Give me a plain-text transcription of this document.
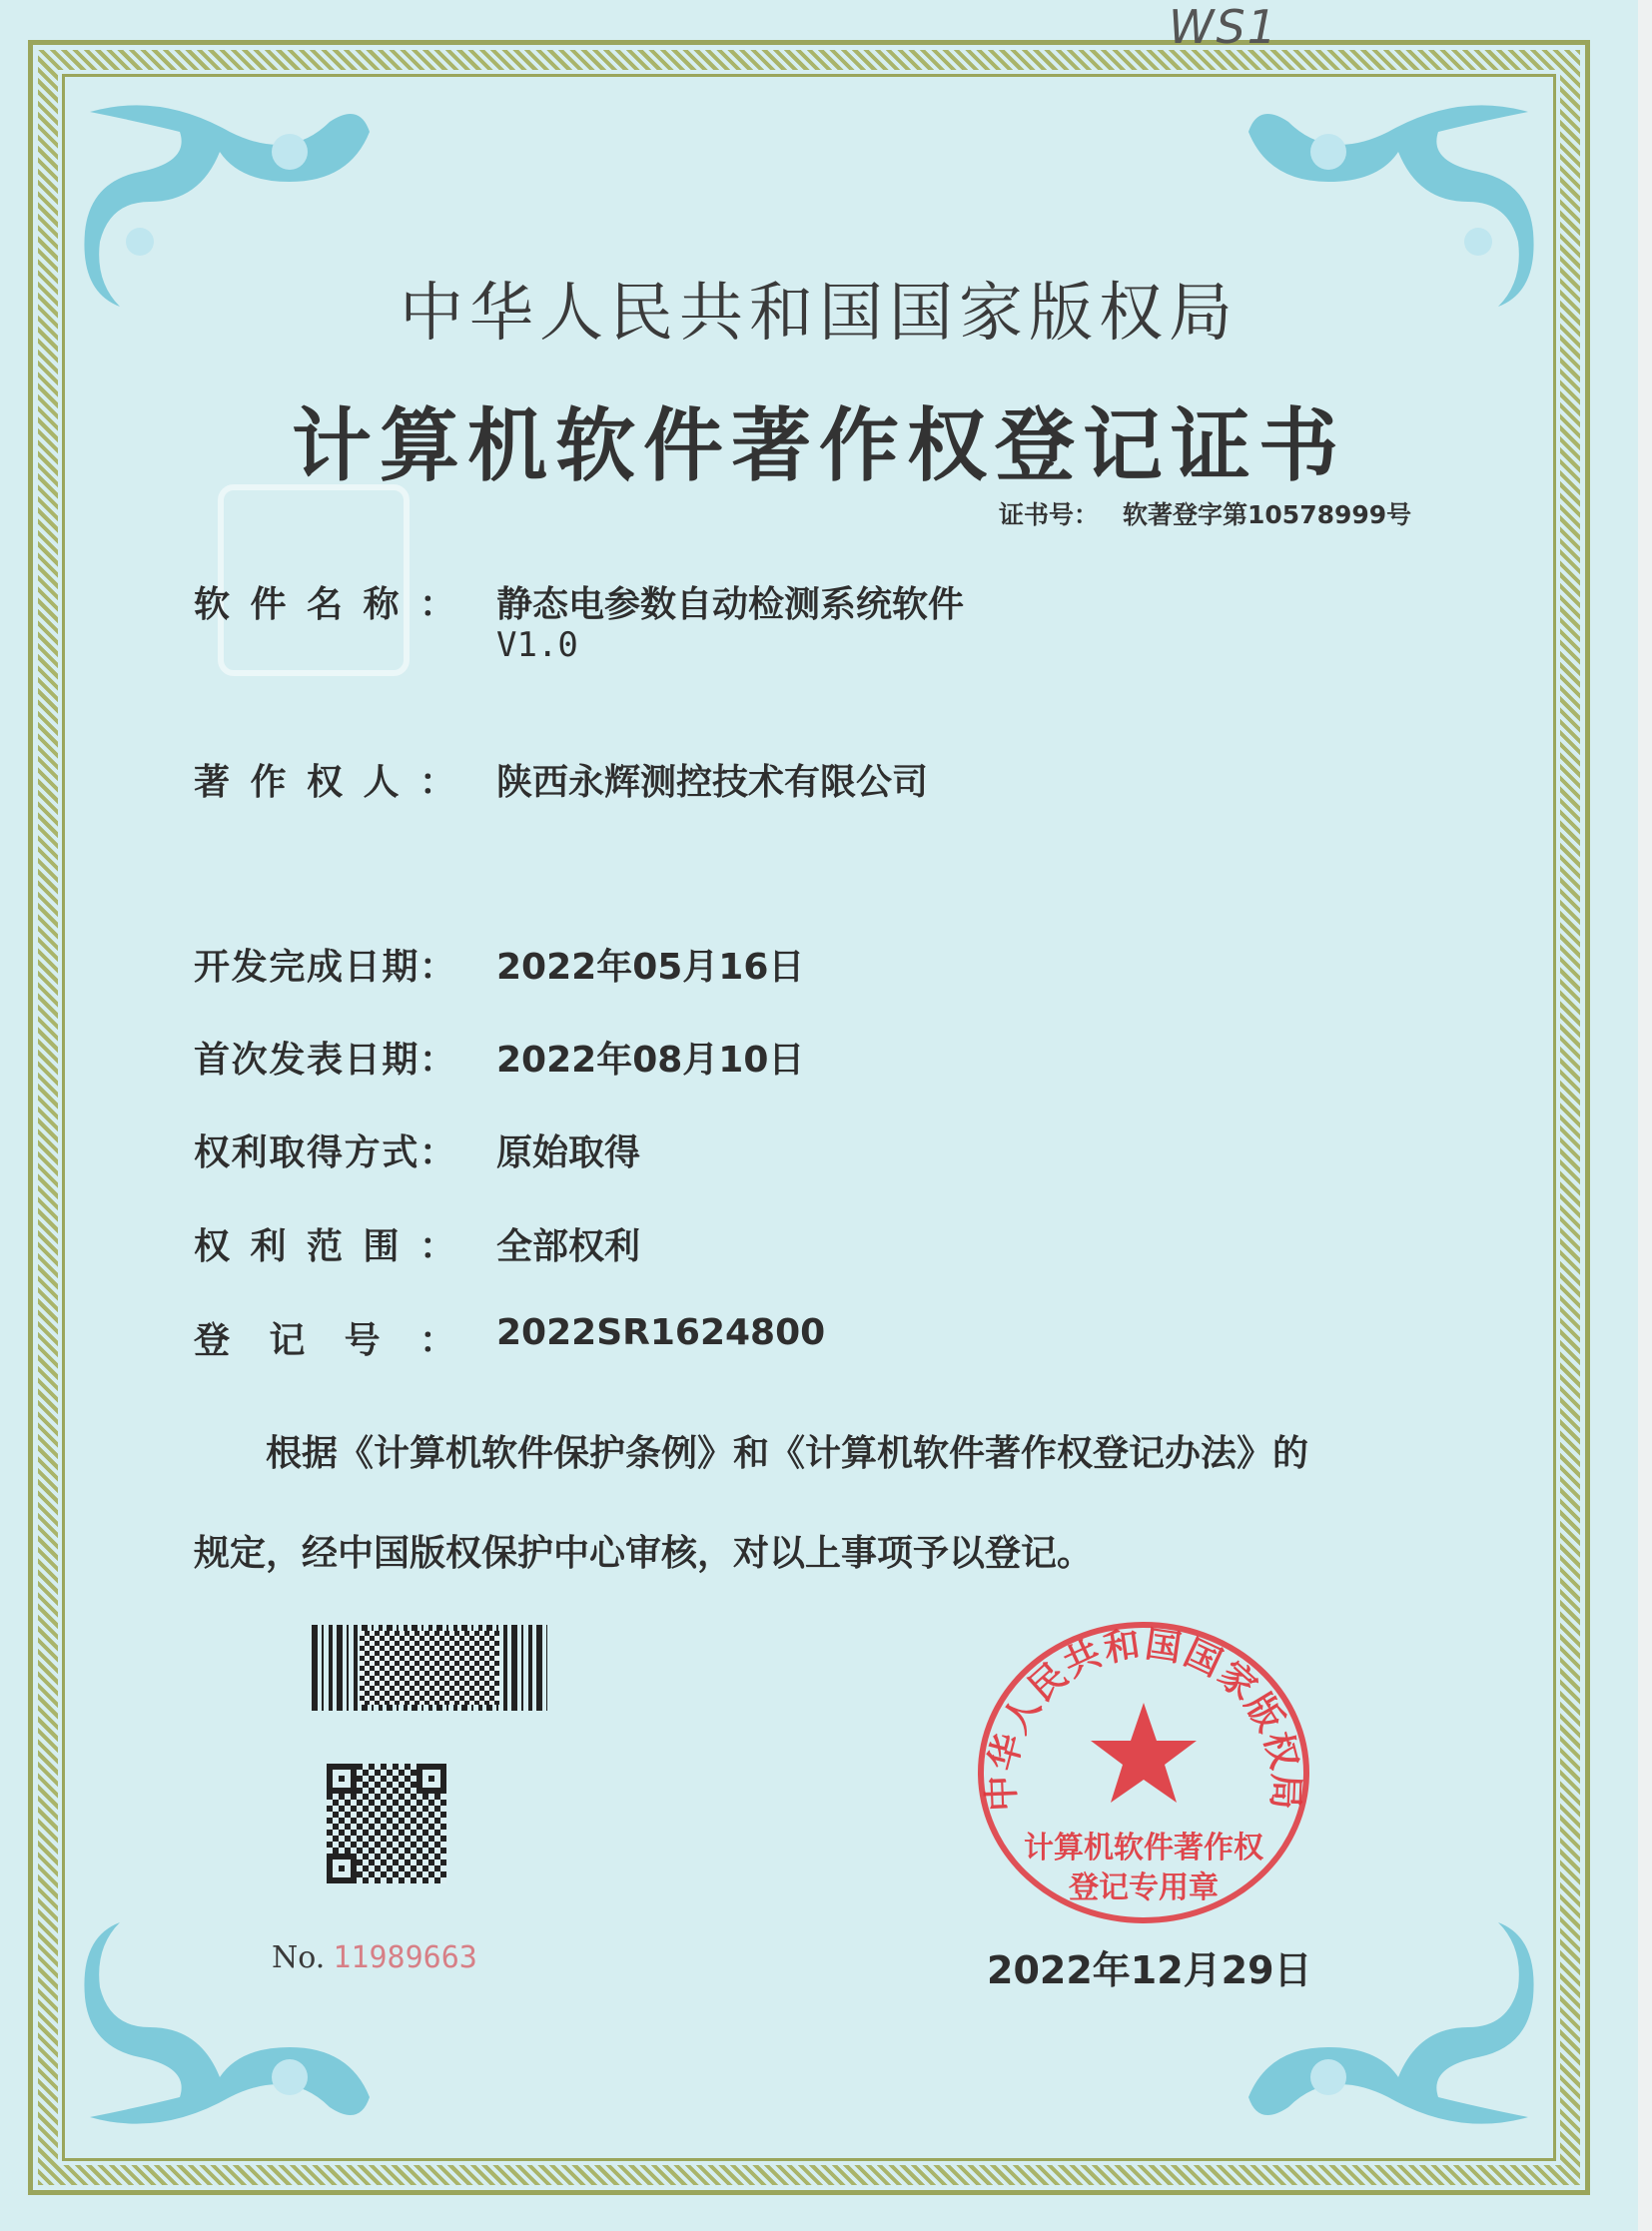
WS1
中华人民共和国国家版权局
计算机软件著作权登记证书
证书号： 软著登字第10578999号
软件名称： 静态电参数自动检测系统软件
V1.0
著作权人： 陕西永辉测控技术有限公司
开发完成日期： 2022年05月16日
首次发表日期： 2022年08月10日
权利取得方式： 原始取得
权利范围： 全部权利
登记号： 2022SR1624800
根据《计算机软件保护条例》和《计算机软件著作权登记办法》的
规定，经中国版权保护中心审核，对以上事项予以登记。
No. 11989663
中华人民共和国国家版权局
计算机软件著作权
登记专用章
2022年12月29日
